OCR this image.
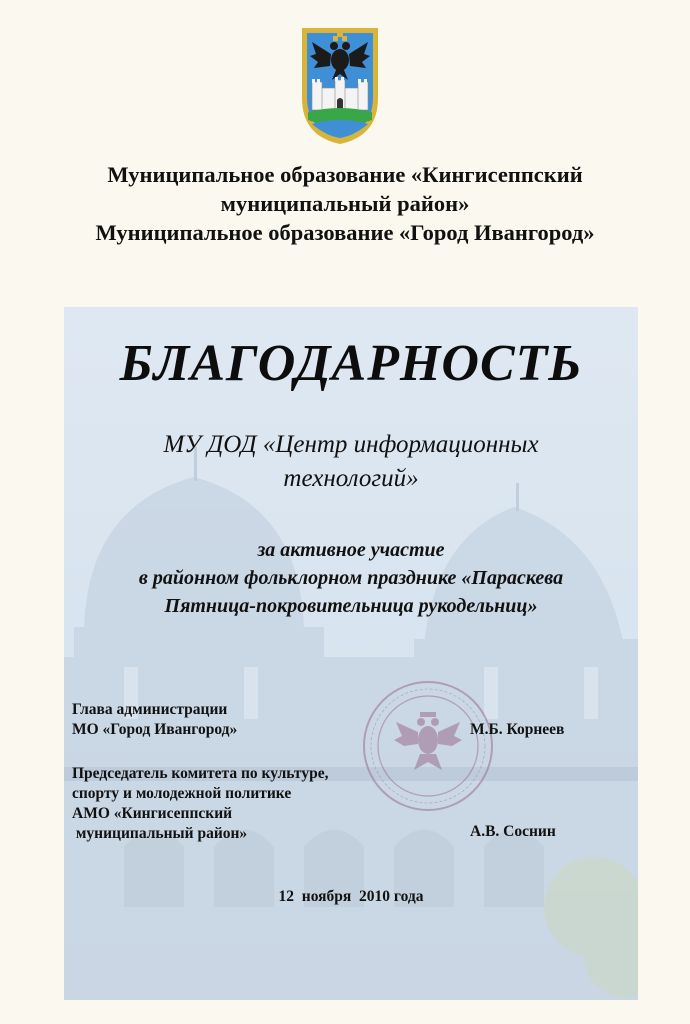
Муниципальное образование «Кингисеппский
муниципальный район»
Муниципальное образование «Город Ивангород»
БЛАГОДАРНОСТЬ
МУ ДОД «Центр информационных
технологий»
за активное участие
в районном фольклорном празднике «Параскева
Пятница-покровительница рукодельниц»
Глава администрации
МО «Город Ивангород»	М.Б. Корнеев
Председатель комитета по культуре,
спорту и молодежной политике
АМО «Кингисеппский
муниципальный район»	А.В. Соснин
12  ноября  2010 года
